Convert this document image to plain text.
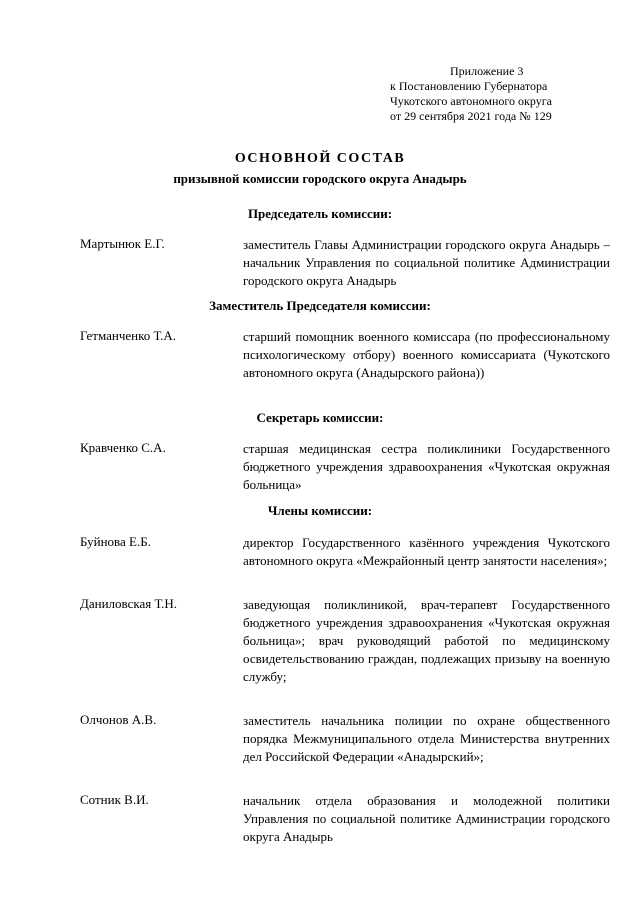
Приложение 3
к Постановлению Губернатора
Чукотского автономного округа
от 29 сентября 2021 года № 129
ОСНОВНОЙ СОСТАВ
призывной комиссии городского округа Анадырь
Председатель комиссии:
Мартынюк Е.Г.	заместитель Главы Администрации городского округа Анадырь – начальник Управления по социальной политике Администрации городского округа Анадырь
Заместитель Председателя комиссии:
Гетманченко Т.А.	старший помощник военного комиссара (по профессиональному психологическому отбору) военного комиссариата (Чукотского автономного округа (Анадырского района))
Секретарь комиссии:
Кравченко С.А.	старшая медицинская сестра поликлиники Государственного бюджетного учреждения здравоохранения «Чукотская окружная больница»
Члены комиссии:
Буйнова Е.Б.	директор Государственного казённого учреждения Чукотского автономного округа «Межрайонный центр занятости населения»;
Даниловская Т.Н.	заведующая поликлиникой, врач-терапевт Государственного бюджетного учреждения здравоохранения «Чукотская окружная больница»; врач руководящий работой по медицинскому освидетельствованию граждан, подлежащих призыву на военную службу;
Олчонов А.В.	заместитель начальника полиции по охране общественного порядка Межмуниципального отдела Министерства внутренних дел Российской Федерации «Анадырский»;
Сотник В.И.	начальник отдела образования и молодежной политики Управления по социальной политике Администрации городского округа Анадырь
